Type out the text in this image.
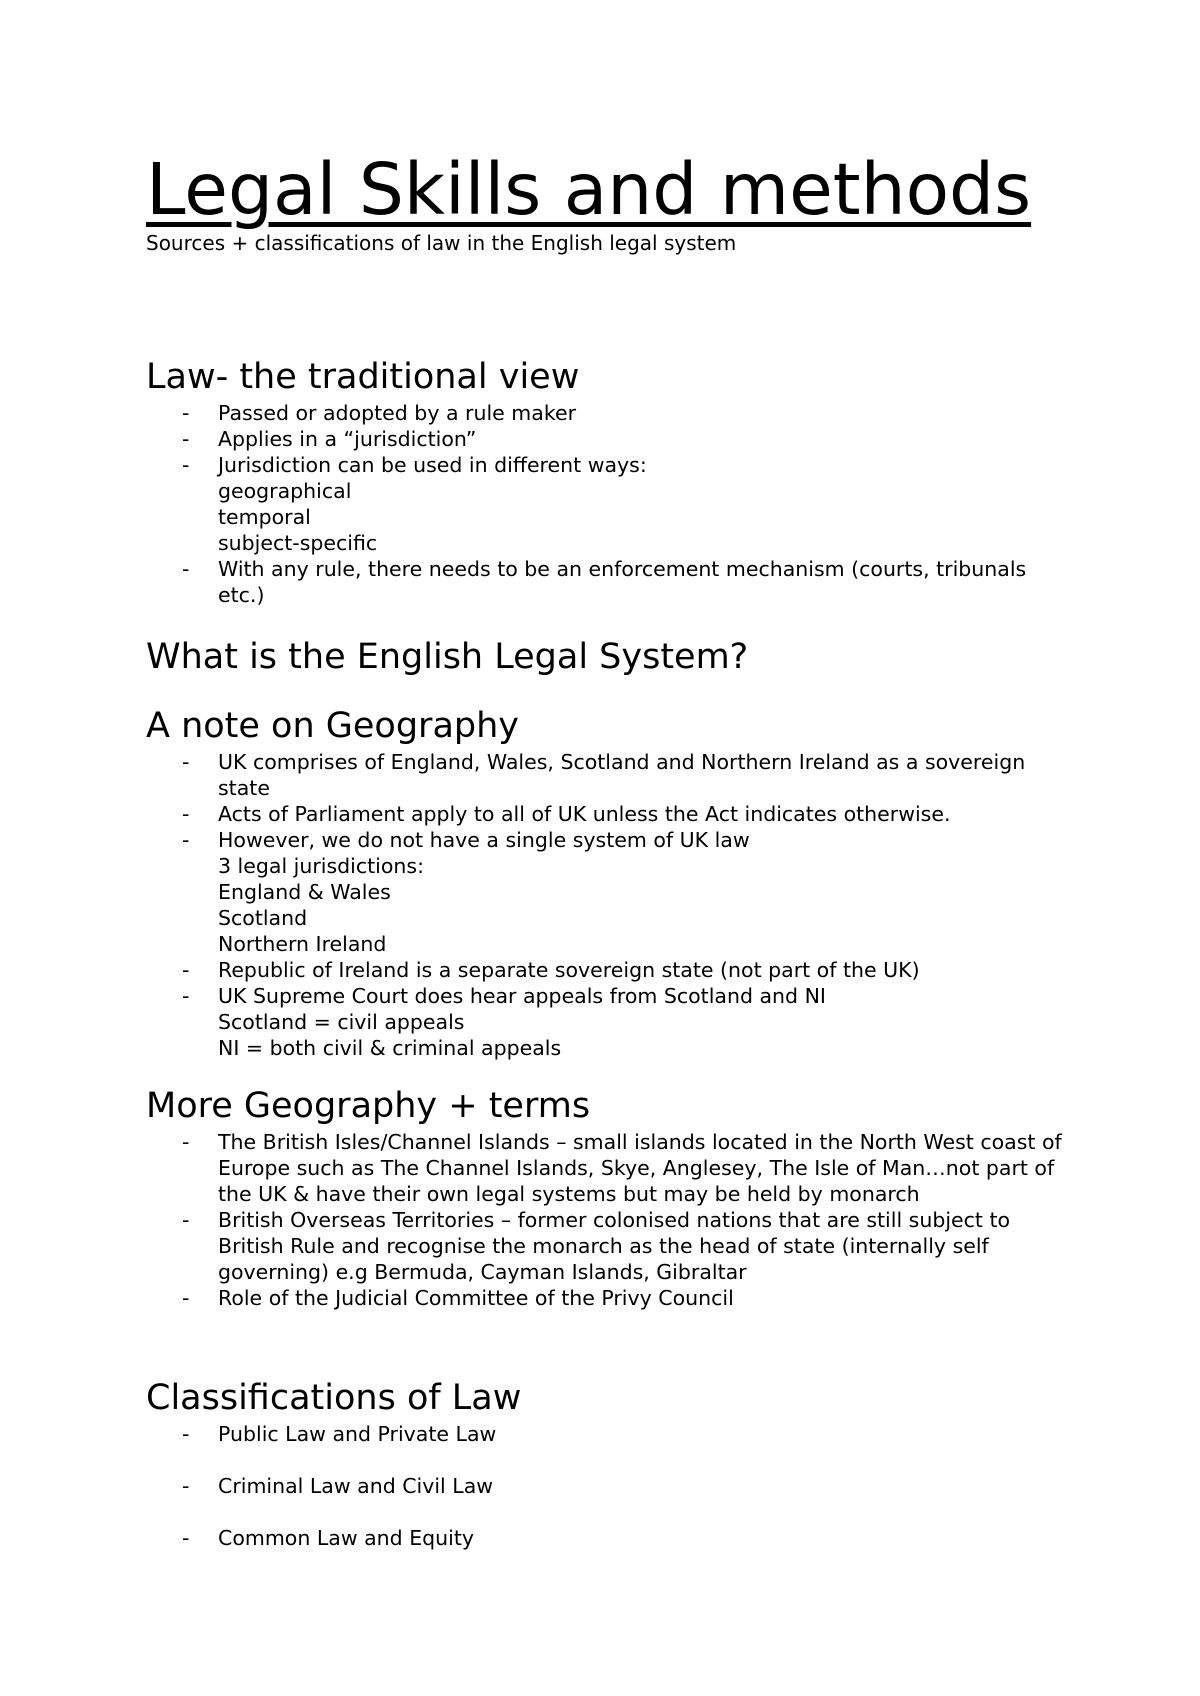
Legal Skills and methods

Sources + classifications of law in the English legal system

Law- the traditional view
- Passed or adopted by a rule maker
- Applies in a “jurisdiction”
- Jurisdiction can be used in different ways:
geographical
temporal
subject-specific
- With any rule, there needs to be an enforcement mechanism (courts, tribunals etc.)
What is the English Legal System?
A note on Geography
- UK comprises of England, Wales, Scotland and Northern Ireland as a sovereign state
- Acts of Parliament apply to all of UK unless the Act indicates otherwise.
- However, we do not have a single system of UK law
3 legal jurisdictions:
England & Wales
Scotland
Northern Ireland
- Republic of Ireland is a separate sovereign state (not part of the UK)
- UK Supreme Court does hear appeals from Scotland and NI
Scotland = civil appeals
NI = both civil & criminal appeals
More Geography + terms
- The British Isles/Channel Islands – small islands located in the North West coast of Europe such as The Channel Islands, Skye, Anglesey, The Isle of Man…not part of the UK & have their own legal systems but may be held by monarch
- British Overseas Territories – former colonised nations that are still subject to British Rule and recognise the monarch as the head of state (internally self governing) e.g Bermuda, Cayman Islands, Gibraltar
- Role of the Judicial Committee of the Privy Council
Classifications of Law
- Public Law and Private Law
- Criminal Law and Civil Law
- Common Law and Equity
